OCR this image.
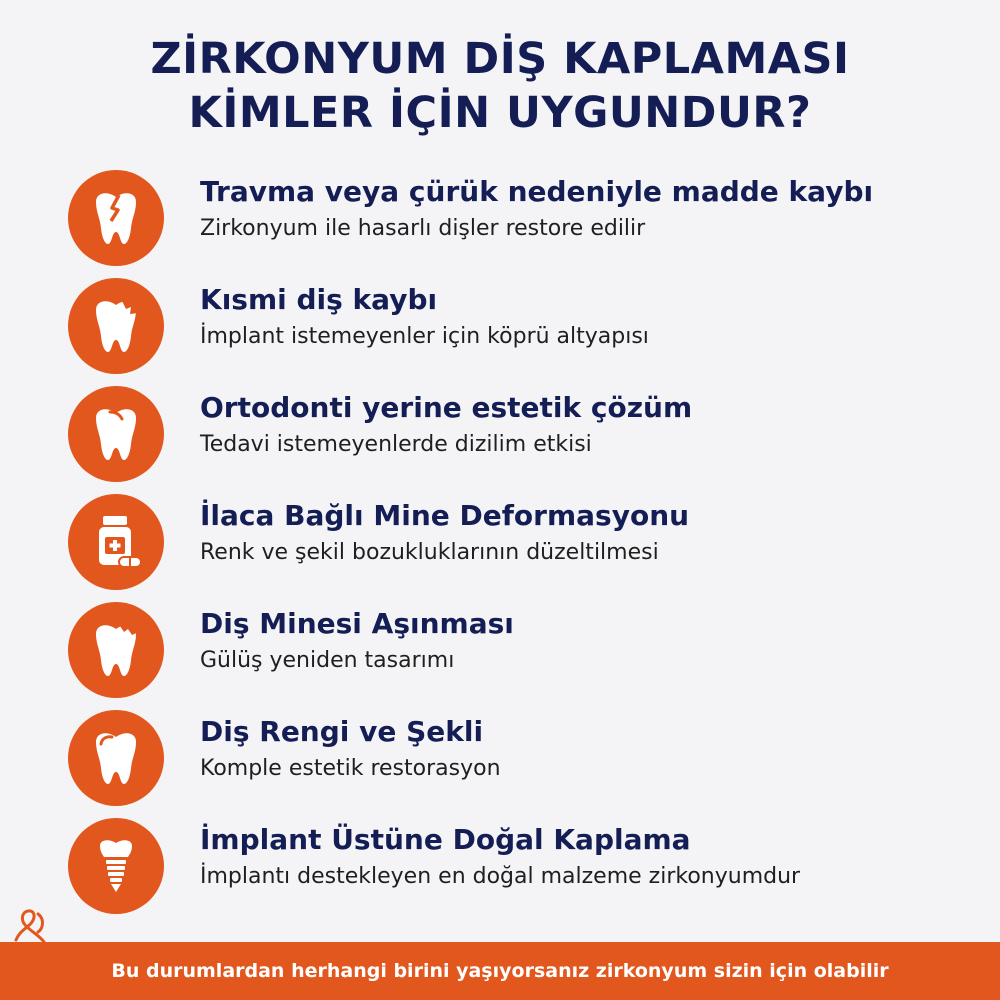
ZİRKONYUM DİŞ KAPLAMASI
KİMLER İÇİN UYGUNDUR?
Travma veya çürük nedeniyle madde kaybı
Zirkonyum ile hasarlı dişler restore edilir
Kısmi diş kaybı
İmplant istemeyenler için köprü altyapısı
Ortodonti yerine estetik çözüm
Tedavi istemeyenlerde dizilim etkisi
İlaca Bağlı Mine Deformasyonu
Renk ve şekil bozukluklarının düzeltilmesi
Diş Minesi Aşınması
Gülüş yeniden tasarımı
Diş Rengi ve Şekli
Komple estetik restorasyon
İmplant Üstüne Doğal Kaplama
İmplantı destekleyen en doğal malzeme zirkonyumdur
Bu durumlardan herhangi birini yaşıyorsanız zirkonyum sizin için olabilir
